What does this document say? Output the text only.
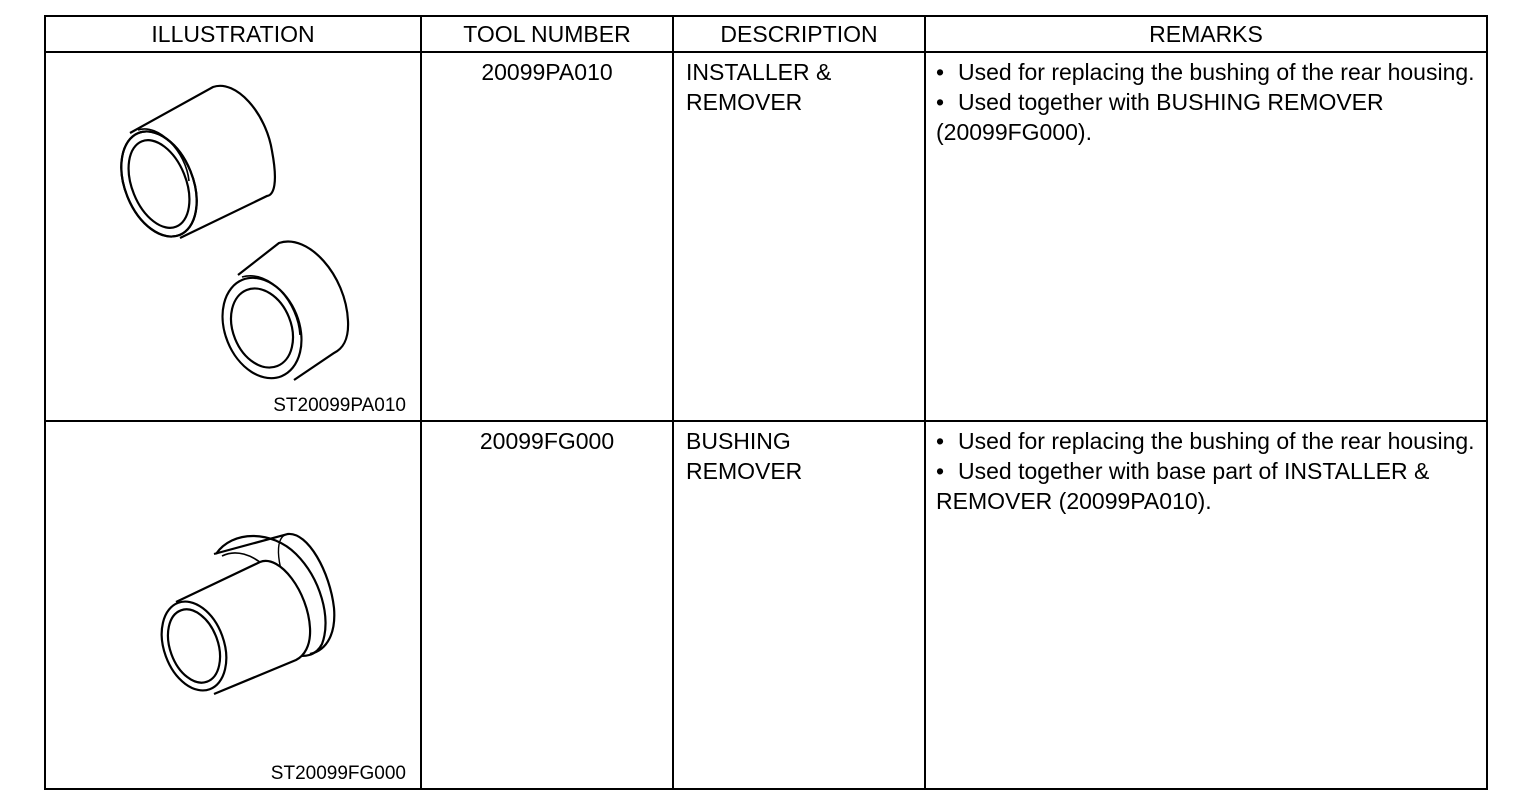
ILLUSTRATION	TOOL NUMBER	DESCRIPTION	REMARKS

ST20099PA010	20099PA010	INSTALLER &
REMOVER	• Used for replacing the bushing of the rear housing.
• Used together with BUSHING REMOVER (20099FG000).

ST20099FG000	20099FG000	BUSHING
REMOVER	• Used for replacing the bushing of the rear housing.
• Used together with base part of INSTALLER & REMOVER (20099PA010).
